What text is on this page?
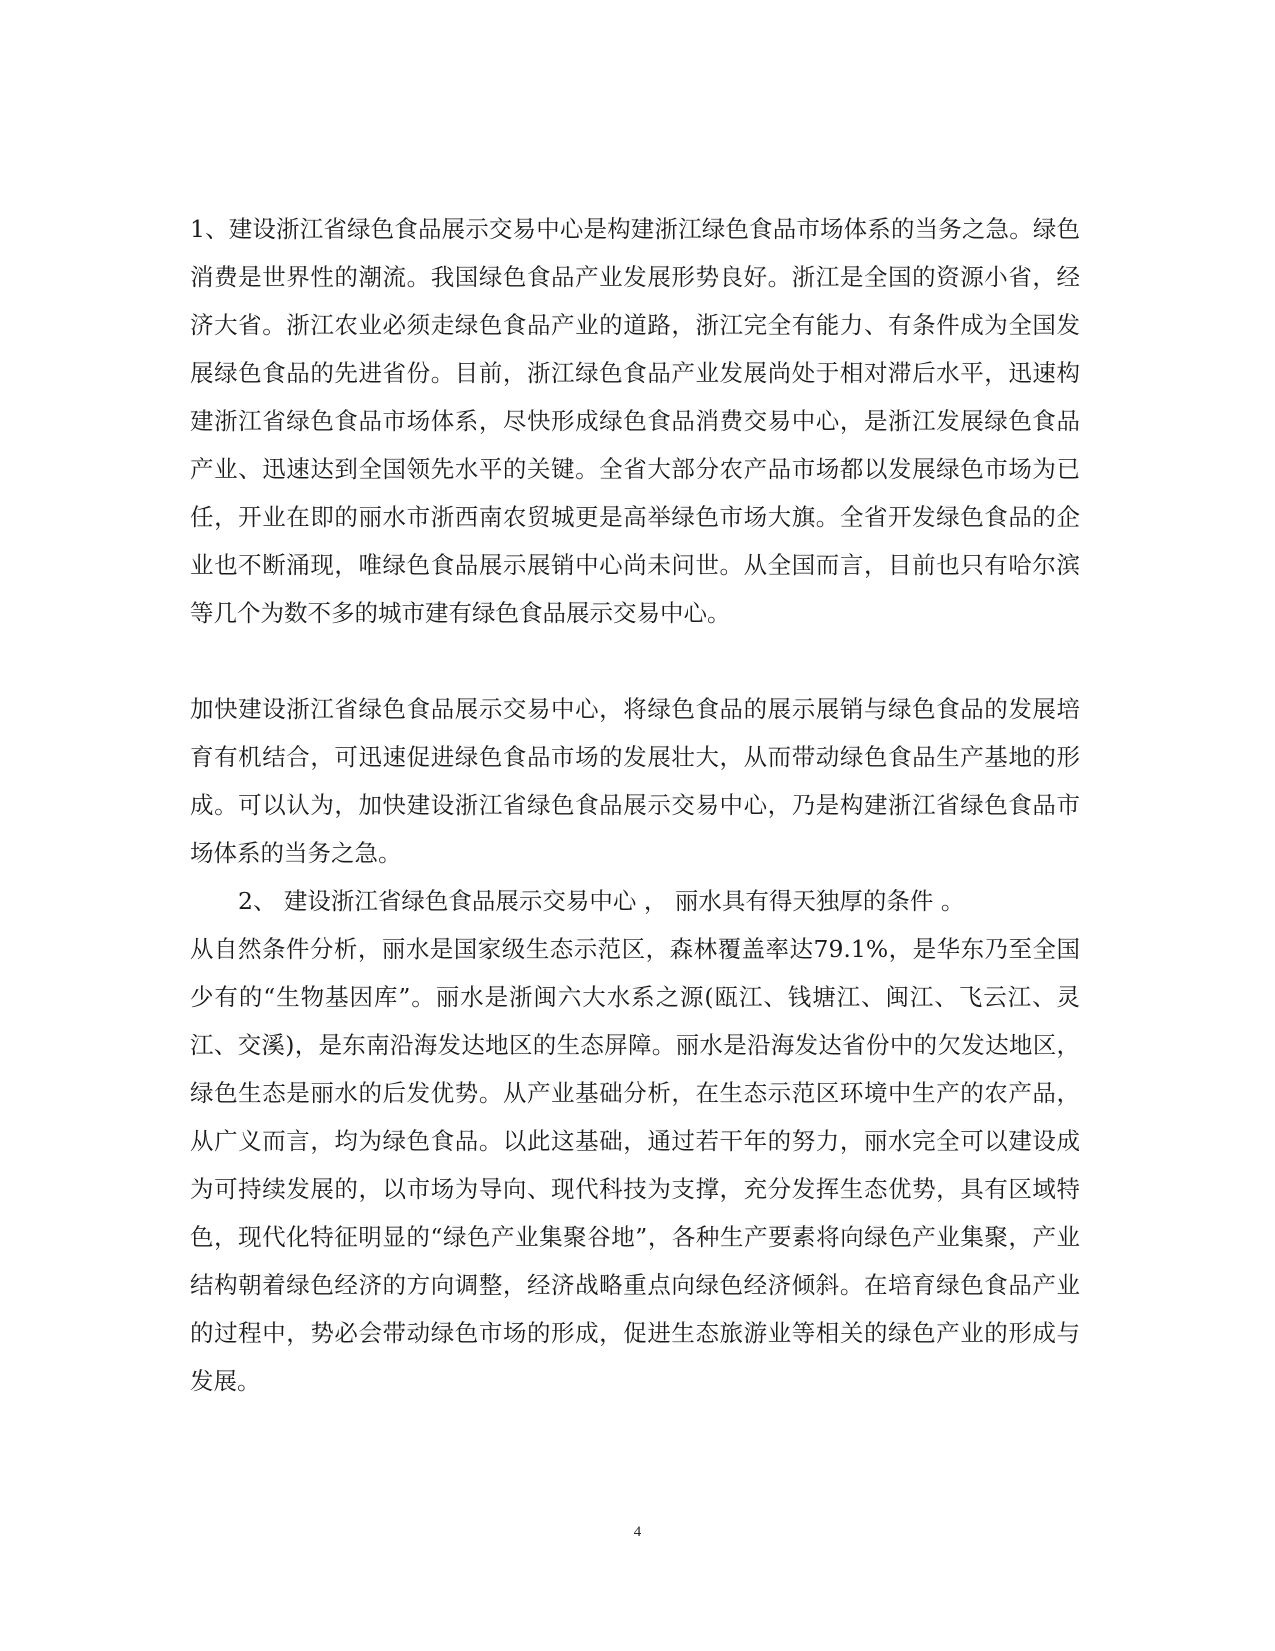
1、建设浙江省绿色食品展示交易中心是构建浙江绿色食品市场体系的当务之急。绿色消费是世界性的潮流。我国绿色食品产业发展形势良好。浙江是全国的资源小省，经济大省。浙江农业必须走绿色食品产业的道路，浙江完全有能力、有条件成为全国发展绿色食品的先进省份。目前，浙江绿色食品产业发展尚处于相对滞后水平，迅速构建浙江省绿色食品市场体系，尽快形成绿色食品消费交易中心，是浙江发展绿色食品产业、迅速达到全国领先水平的关键。全省大部分农产品市场都以发展绿色市场为已任，开业在即的丽水市浙西南农贸城更是高举绿色市场大旗。全省开发绿色食品的企业也不断涌现，唯绿色食品展示展销中心尚未问世。从全国而言，目前也只有哈尔滨等几个为数不多的城市建有绿色食品展示交易中心。

加快建设浙江省绿色食品展示交易中心，将绿色食品的展示展销与绿色食品的发展培育有机结合，可迅速促进绿色食品市场的发展壮大，从而带动绿色食品生产基地的形成。可以认为，加快建设浙江省绿色食品展示交易中心，乃是构建浙江省绿色食品市场体系的当务之急。

2、 建设浙江省绿色食品展示交易中心 ， 丽水具有得天独厚的条件 。

从自然条件分析，丽水是国家级生态示范区，森林覆盖率达79.1%，是华东乃至全国少有的“生物基因库”。丽水是浙闽六大水系之源(瓯江、钱塘江、闽江、飞云江、灵江、交溪)，是东南沿海发达地区的生态屏障。丽水是沿海发达省份中的欠发达地区，绿色生态是丽水的后发优势。从产业基础分析，在生态示范区环境中生产的农产品，从广义而言，均为绿色食品。以此这基础，通过若干年的努力，丽水完全可以建设成为可持续发展的，以市场为导向、现代科技为支撑，充分发挥生态优势，具有区域特色，现代化特征明显的“绿色产业集聚谷地”，各种生产要素将向绿色产业集聚，产业结构朝着绿色经济的方向调整，经济战略重点向绿色经济倾斜。在培育绿色食品产业的过程中，势必会带动绿色市场的形成，促进生态旅游业等相关的绿色产业的形成与发展。

4
